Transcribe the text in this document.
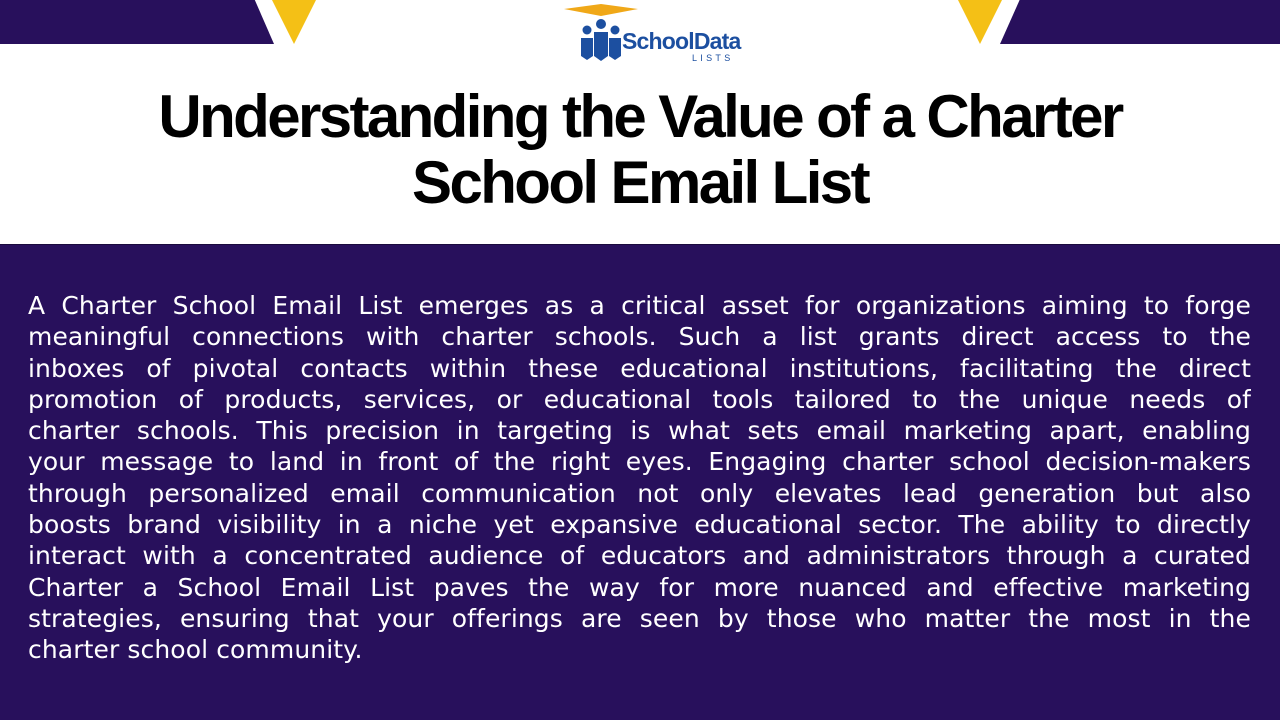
SchoolData
LISTS
Understanding the Value of a Charter
School Email List
A Charter School Email List emerges as a critical asset for organizations aiming to forge
meaningful connections with charter schools. Such a list grants direct access to the
inboxes of pivotal contacts within these educational institutions, facilitating the direct
promotion of products, services, or educational tools tailored to the unique needs of
charter schools. This precision in targeting is what sets email marketing apart, enabling
your message to land in front of the right eyes. Engaging charter school decision-makers
through personalized email communication not only elevates lead generation but also
boosts brand visibility in a niche yet expansive educational sector. The ability to directly
interact with a concentrated audience of educators and administrators through a curated
Charter a School Email List paves the way for more nuanced and effective marketing
strategies, ensuring that your offerings are seen by those who matter the most in the
charter school community.
